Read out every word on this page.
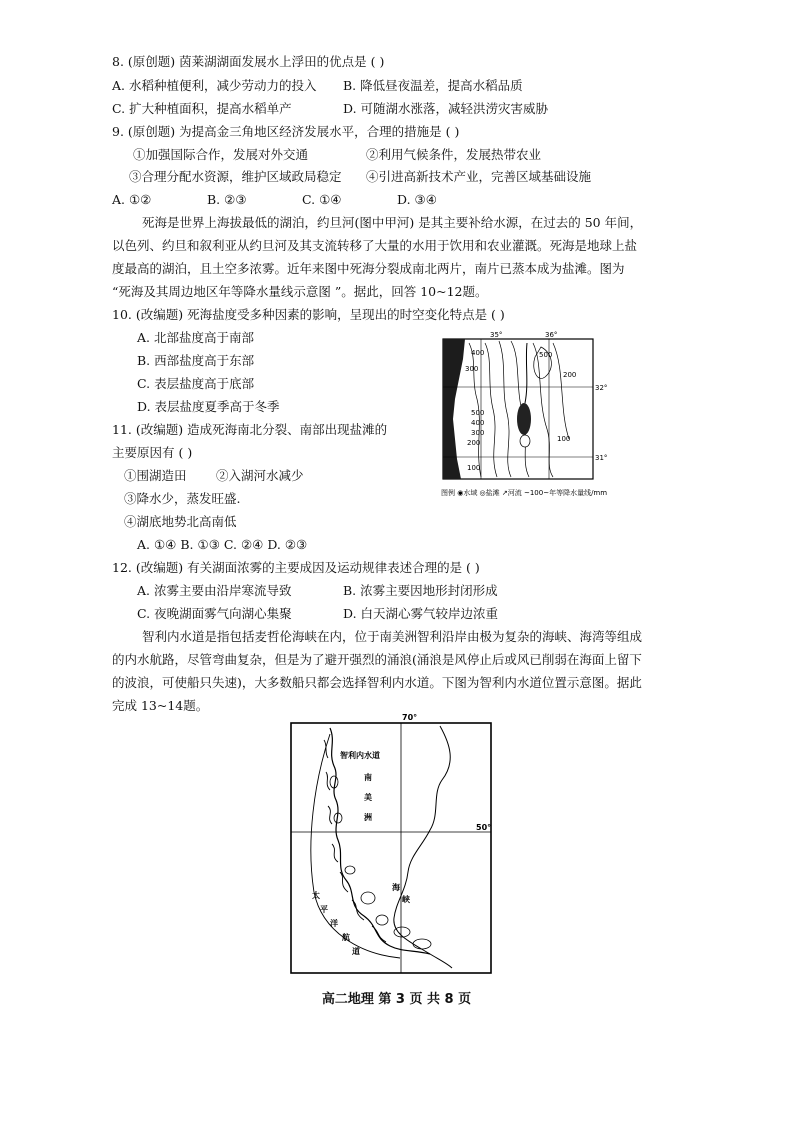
8. (原创题) 茵莱湖湖面发展水上浮田的优点是 ( )
A. 水稻种植便利，减少劳动力的投入 B. 降低昼夜温差，提高水稻品质
C. 扩大种植面积，提高水稻单产	D. 可随湖水涨落，减轻洪涝灾害威胁
9. (原创题) 为提高金三角地区经济发展水平，合理的措施是 ( )
①加强国际合作，发展对外交通	②利用气候条件，发展热带农业
③合理分配水资源，维护区域政局稳定 ④引进高新技术产业，完善区域基础设施
A. ①②	B. ②③	C. ①④	D. ③④
死海是世界上海拔最低的湖泊，约旦河(图中甲河) 是其主要补给水源，在过去的 50 年间，
以色列、约旦和叙利亚从约旦河及其支流转移了大量的水用于饮用和农业灌溉。死海是地球上盐
度最高的湖泊，且土空多浓雾。近年来图中死海分裂成南北两片，南片已蒸本成为盐滩。图为
“死海及其周边地区年等降水量线示意图 ”。据此，回答 10~12题。
10. (改编题) 死海盐度受多种因素的影响，呈现出的时空变化特点是 ( )
A. 北部盐度高于南部
B. 西部盐度高于东部
C. 表层盐度高于底部
D. 表层盐度夏季高于冬季
11. (改编题) 造成死海南北分裂、南部出现盐滩的
主要原因有 ( )
①围湖造田 ②入湖河水减少
③降水少，蒸发旺盛.
④湖底地势北高南低
A. ①④ B. ①③ C. ②④ D. ②③
35°	36°
32°
31°
300
400	500
200
100
500
400
300
200
100
图例 ◉水域 ◎盐滩 ↗河流 ~100~年等降水量线/mm
12. (改编题) 有关湖面浓雾的主要成因及运动规律表述合理的是 ( )
A. 浓雾主要由沿岸寒流导致	B. 浓雾主要因地形封闭形成
C. 夜晚湖面雾气向湖心集聚	D. 白天湖心雾气较岸边浓重
智利内水道是指包括麦哲伦海峡在内，位于南美洲智利沿岸由极为复杂的海峡、海湾等组成
的内水航路，尽管弯曲复杂，但是为了避开强烈的涌浪(涌浪是风停止后或风已削弱在海面上留下
的波浪，可使船只失速)，大多数船只都会选择智利内水道。下图为智利内水道位置示意图。据此
完成 13~14题。
70°
50°
智利内水道
南
美
洲
太
平
洋
航
道
海
峡
高二地理 第 3 页 共 8 页
